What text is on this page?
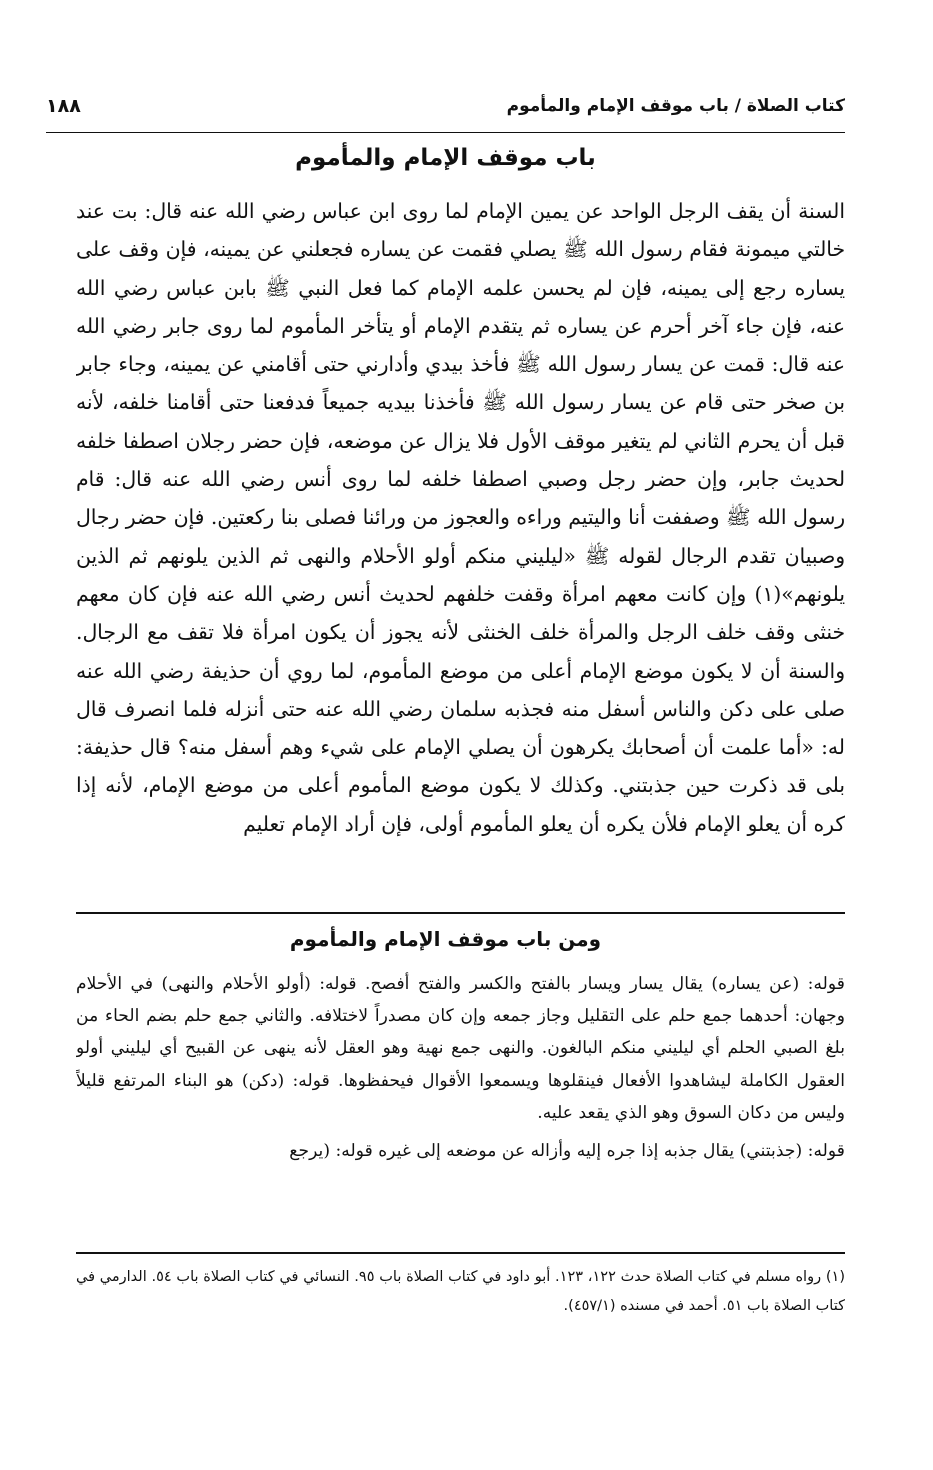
١٨٨	كتاب الصلاة / باب موقف الإمام والمأموم
باب موقف الإمام والمأموم

السنة أن يقف الرجل الواحد عن يمين الإمام لما روى ابن عباس رضي الله عنه قال: بت عند خالتي ميمونة فقام رسول الله ﷺ يصلي فقمت عن يساره فجعلني عن يمينه، فإن وقف على يساره رجع إلى يمينه، فإن لم يحسن علمه الإمام كما فعل النبي ﷺ بابن عباس رضي الله عنه، فإن جاء آخر أحرم عن يساره ثم يتقدم الإمام أو يتأخر المأموم لما روى جابر رضي الله عنه قال: قمت عن يسار رسول الله ﷺ فأخذ بيدي وأدارني حتى أقامني عن يمينه، وجاء جابر بن صخر حتى قام عن يسار رسول الله ﷺ فأخذنا بيديه جميعاً فدفعنا حتى أقامنا خلفه، لأنه قبل أن يحرم الثاني لم يتغير موقف الأول فلا يزال عن موضعه، فإن حضر رجلان اصطفا خلفه لحديث جابر، وإن حضر رجل وصبي اصطفا خلفه لما روى أنس رضي الله عنه قال: قام رسول الله ﷺ وصففت أنا واليتيم وراءه والعجوز من ورائنا فصلى بنا ركعتين. فإن حضر رجال وصبيان تقدم الرجال لقوله ﷺ «ليليني منكم أولو الأحلام والنهى ثم الذين يلونهم ثم الذين يلونهم»(١) وإن كانت معهم امرأة وقفت خلفهم لحديث أنس رضي الله عنه فإن كان معهم خنثى وقف خلف الرجل والمرأة خلف الخنثى لأنه يجوز أن يكون امرأة فلا تقف مع الرجال. والسنة أن لا يكون موضع الإمام أعلى من موضع المأموم، لما روي أن حذيفة رضي الله عنه صلى على دكن والناس أسفل منه فجذبه سلمان رضي الله عنه حتى أنزله فلما انصرف قال له: «أما علمت أن أصحابك يكرهون أن يصلي الإمام على شيء وهم أسفل منه؟ قال حذيفة: بلى قد ذكرت حين جذبتني. وكذلك لا يكون موضع المأموم أعلى من موضع الإمام، لأنه إذا كره أن يعلو الإمام فلأن يكره أن يعلو المأموم أولى، فإن أراد الإمام تعليم

ومن باب موقف الإمام والمأموم

قوله: (عن يساره) يقال يسار ويسار بالفتح والكسر والفتح أفصح. قوله: (أولو الأحلام والنهى) في الأحلام وجهان: أحدهما جمع حلم على التقليل وجاز جمعه وإن كان مصدراً لاختلافه. والثاني جمع حلم بضم الحاء من بلغ الصبي الحلم أي ليليني منكم البالغون. والنهى جمع نهية وهو العقل لأنه ينهى عن القبيح أي ليليني أولو العقول الكاملة ليشاهدوا الأفعال فينقلوها ويسمعوا الأقوال فيحفظوها. قوله: (دكن) هو البناء المرتفع قليلاً وليس من دكان السوق وهو الذي يقعد عليه.

قوله: (جذبتني) يقال جذبه إذا جره إليه وأزاله عن موضعه إلى غيره قوله: (يرجع

(١) رواه مسلم في كتاب الصلاة حدث ١٢٢، ١٢٣. أبو داود في كتاب الصلاة باب ٩٥. النسائي في كتاب الصلاة باب ٥٤. الدارمي في كتاب الصلاة باب ٥١. أحمد في مسنده (٤٥٧/١).
